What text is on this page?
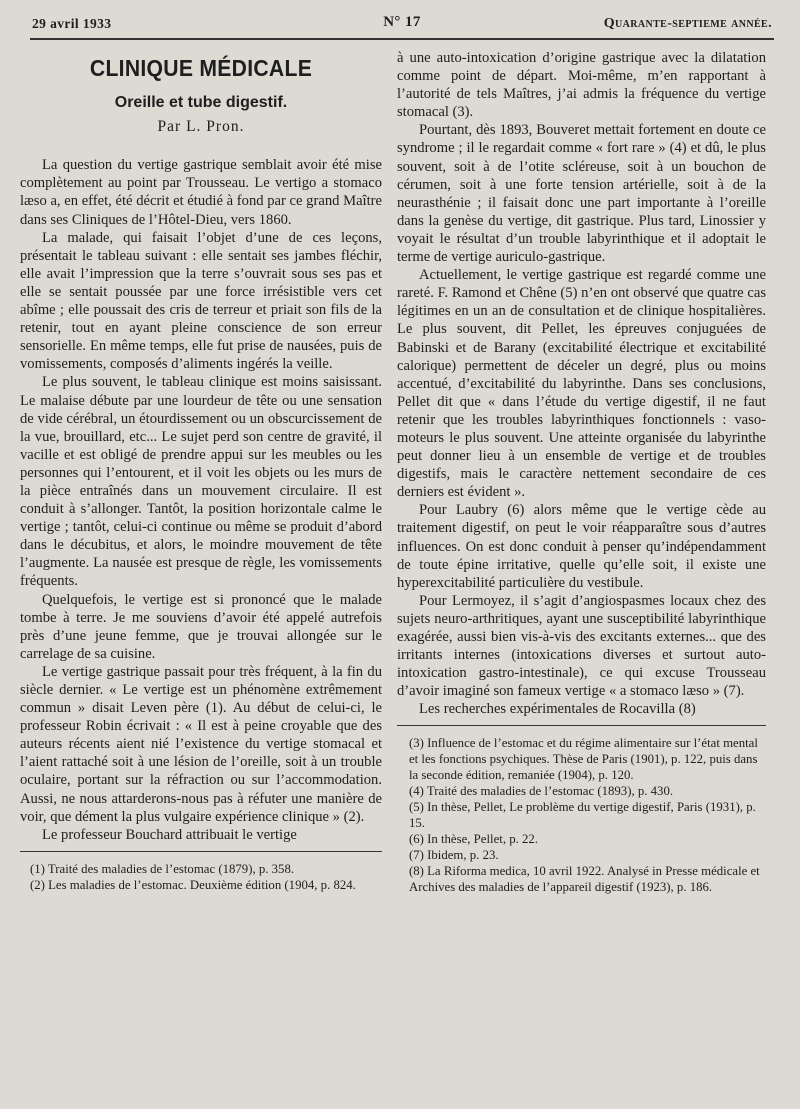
29 avril 1933	N° 17	Quarante-septieme année.
CLINIQUE MÉDICALE
Oreille et tube digestif.
Par L. Pron.

La question du vertige gastrique semblait avoir été mise complètement au point par Trousseau. Le vertigo a stomaco læso a, en effet, été décrit et étudié à fond par ce grand Maître dans ses Cliniques de l’Hôtel-Dieu, vers 1860.

La malade, qui faisait l’objet d’une de ces leçons, présentait le tableau suivant : elle sentait ses jambes fléchir, elle avait l’impression que la terre s’ouvrait sous ses pas et elle se sentait poussée par une force irrésistible vers cet abîme ; elle poussait des cris de terreur et priait son fils de la retenir, tout en ayant pleine conscience de son erreur sensorielle. En même temps, elle fut prise de nausées, puis de vomissements, composés d’aliments ingérés la veille.

Le plus souvent, le tableau clinique est moins saisissant. Le malaise débute par une lourdeur de tête ou une sensation de vide cérébral, un étourdissement ou un obscurcissement de la vue, brouillard, etc... Le sujet perd son centre de gravité, il vacille et est obligé de prendre appui sur les meubles ou les personnes qui l’entourent, et il voit les objets ou les murs de la pièce entraînés dans un mouvement circulaire. Il est conduit à s’allonger. Tantôt, la position horizontale calme le vertige ; tantôt, celui-ci continue ou même se produit d’abord dans le décubitus, et alors, le moindre mouvement de tête l’augmente. La nausée est presque de règle, les vomissements fréquents.

Quelquefois, le vertige est si prononcé que le malade tombe à terre. Je me souviens d’avoir été appelé autrefois près d’une jeune femme, que je trouvai allongée sur le carrelage de sa cuisine.

Le vertige gastrique passait pour très fréquent, à la fin du siècle dernier. « Le vertige est un phénomène extrêmement commun » disait Leven père (1). Au début de celui-ci, le professeur Robin écrivait : « Il est à peine croyable que des auteurs récents aient nié l’existence du vertige stomacal et l’aient rattaché soit à une lésion de l’oreille, soit à un trouble oculaire, portant sur la réfraction ou sur l’accommodation. Aussi, ne nous attarderons-nous pas à réfuter une manière de voir, que dément la plus vulgaire expérience clinique » (2).

Le professeur Bouchard attribuait le vertige

(1) Traité des maladies de l’estomac (1879), p. 358.

(2) Les maladies de l’estomac. Deuxième édition (1904, p. 824.

à une auto-intoxication d’origine gastrique avec la dilatation comme point de départ. Moi-même, m’en rapportant à l’autorité de tels Maîtres, j’ai admis la fréquence du vertige stomacal (3).

Pourtant, dès 1893, Bouveret mettait fortement en doute ce syndrome ; il le regardait comme « fort rare » (4) et dû, le plus souvent, soit à de l’otite scléreuse, soit à un bouchon de cérumen, soit à une forte tension artérielle, soit à de la neurasthénie ; il faisait donc une part importante à l’oreille dans la genèse du vertige, dit gastrique. Plus tard, Linossier y voyait le résultat d’un trouble labyrinthique et il adoptait le terme de vertige auriculo-gastrique.

Actuellement, le vertige gastrique est regardé comme une rareté. F. Ramond et Chêne (5) n’en ont observé que quatre cas légitimes en un an de consultation et de clinique hospitalières. Le plus souvent, dit Pellet, les épreuves conjuguées de Babinski et de Barany (excitabilité électrique et excitabilité calorique) permettent de déceler un degré, plus ou moins accentué, d’excitabilité du labyrinthe. Dans ses conclusions, Pellet dit que « dans l’étude du vertige digestif, il ne faut retenir que les troubles labyrinthiques fonctionnels : vaso-moteurs le plus souvent. Une atteinte organisée du labyrinthe peut donner lieu à un ensemble de vertige et de troubles digestifs, mais le caractère nettement secondaire de ces derniers est évident ».

Pour Laubry (6) alors même que le vertige cède au traitement digestif, on peut le voir réapparaître sous d’autres influences. On est donc conduit à penser qu’indépendamment de toute épine irritative, quelle qu’elle soit, il existe une hyperexcitabilité particulière du vestibule.

Pour Lermoyez, il s’agit d’angiospasmes locaux chez des sujets neuro-arthritiques, ayant une susceptibilité labyrinthique exagérée, aussi bien vis-à-vis des excitants externes... que des irritants internes (intoxications diverses et surtout auto-intoxication gastro-intestinale), ce qui excuse Trousseau d’avoir imaginé son fameux vertige « a stomaco læso » (7).

Les recherches expérimentales de Rocavilla (8)

(3) Influence de l’estomac et du régime alimentaire sur l’état mental et les fonctions psychiques. Thèse de Paris (1901), p. 122, puis dans la seconde édition, remaniée (1904), p. 120.

(4) Traité des maladies de l’estomac (1893), p. 430.

(5) In thèse, Pellet, Le problème du vertige digestif, Paris (1931), p. 15.

(6) In thèse, Pellet, p. 22.

(7) Ibidem, p. 23.

(8) La Riforma medica, 10 avril 1922. Analysé in Presse médicale et Archives des maladies de l’appareil digestif (1923), p. 186.
